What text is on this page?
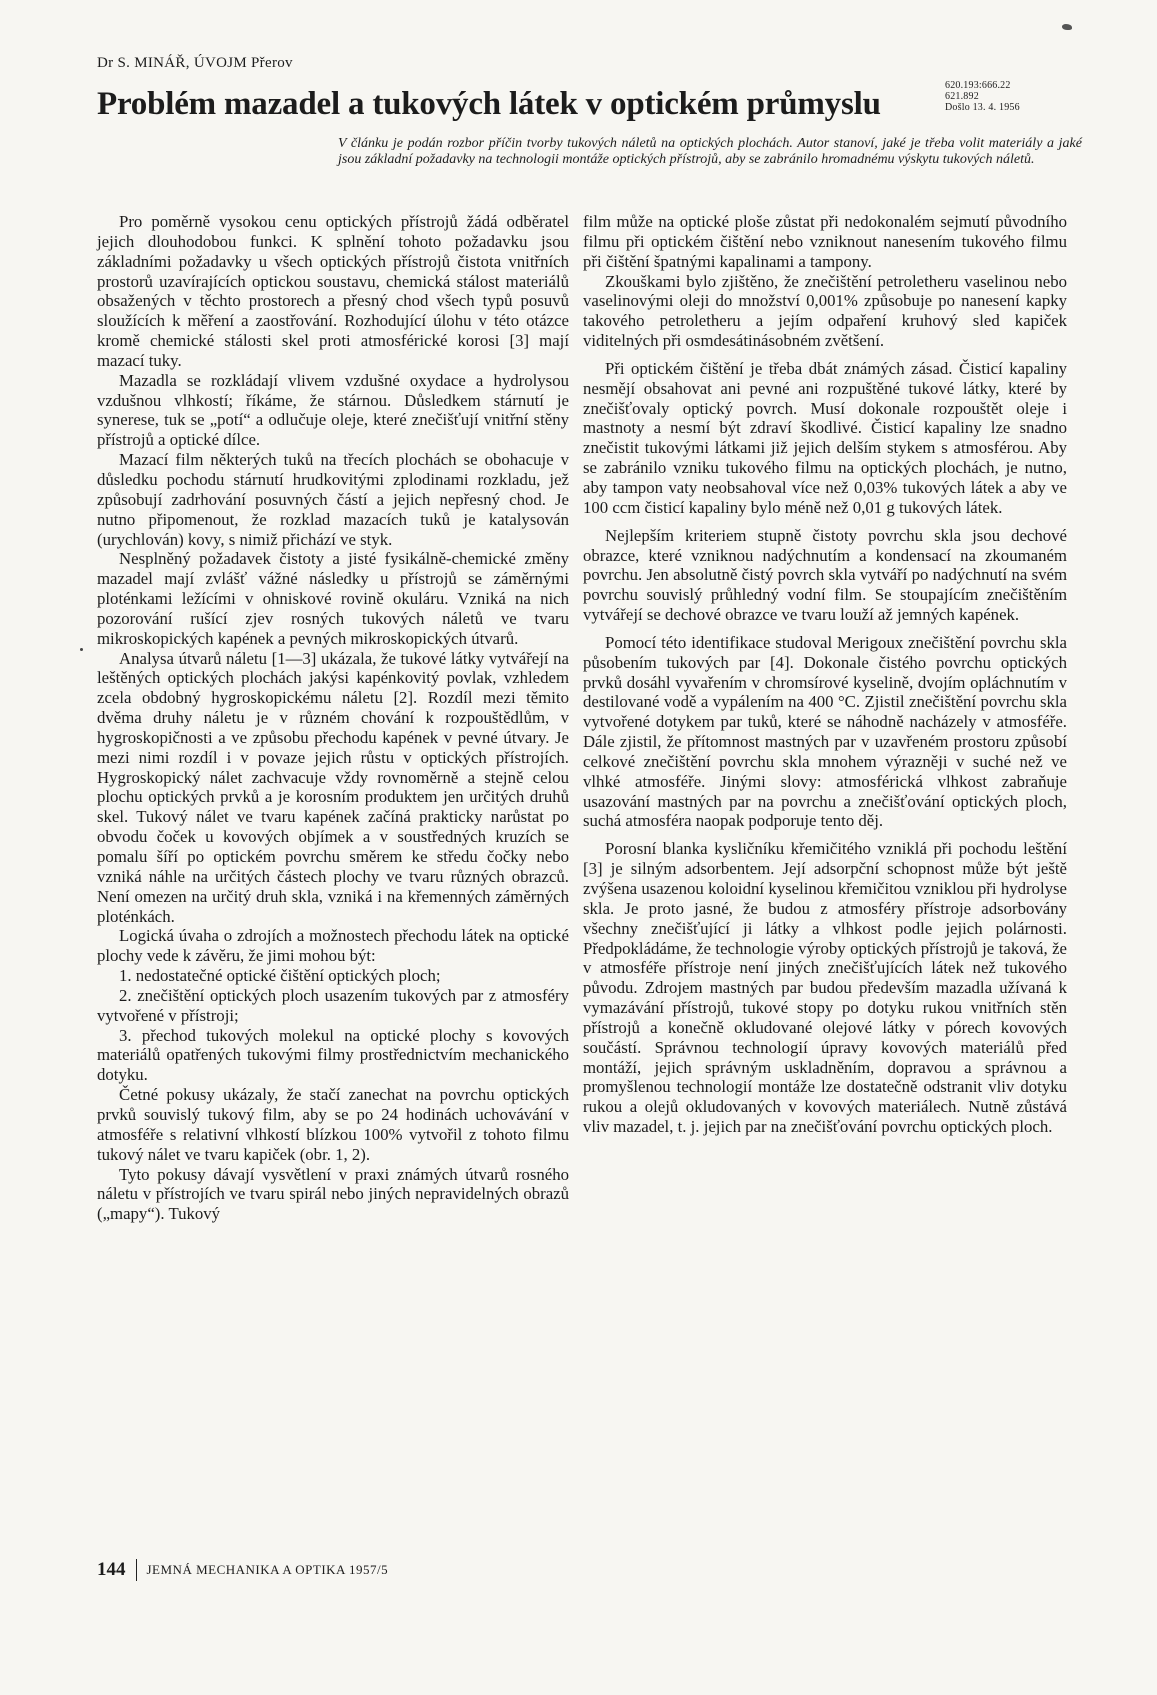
Dr S. MINÁŘ, ÚVOJM Přerov
Problém mazadel a tukových látek v optickém průmyslu
620.193:666.22
621.892
Došlo 13. 4. 1956
V článku je podán rozbor příčin tvorby tukových náletů na optických plochách. Autor stanoví, jaké je třeba volit materiály a jaké jsou základní požadavky na technologii montáže optických přístrojů, aby se zabránilo hromadnému výskytu tukových náletů.

Pro poměrně vysokou cenu optických přístrojů žádá odběratel jejich dlouhodobou funkci. K splnění tohoto požadavku jsou základními požadavky u všech optických přístrojů čistota vnitřních prostorů uzavírajících optickou soustavu, chemická stálost materiálů obsažených v těchto prostorech a přesný chod všech typů posuvů sloužících k měření a zaostřování. Rozhodující úlohu v této otázce kromě chemické stálosti skel proti atmosférické korosi [3] mají mazací tuky.

Mazadla se rozkládají vlivem vzdušné oxydace a hydrolysou vzdušnou vlhkostí; říkáme, že stárnou. Důsledkem stárnutí je synerese, tuk se „potí“ a odlučuje oleje, které znečišťují vnitřní stěny přístrojů a optické dílce.

Mazací film některých tuků na třecích plochách se obohacuje v důsledku pochodu stárnutí hrudkovitými zplodinami rozkladu, jež způsobují zadrhování posuvných částí a jejich nepřesný chod. Je nutno připomenout, že rozklad mazacích tuků je katalysován (urychlován) kovy, s nimiž přichází ve styk.

Nesplněný požadavek čistoty a jisté fysikálně-chemické změny mazadel mají zvlášť vážné následky u přístrojů se záměrnými ploténkami ležícími v ohniskové rovině okuláru. Vzniká na nich pozorování rušící zjev rosných tukových náletů ve tvaru mikroskopických kapének a pevných mikroskopických útvarů.

Analysa útvarů náletu [1—3] ukázala, že tukové látky vytvářejí na leštěných optických plochách jakýsi kapénkovitý povlak, vzhledem zcela obdobný hygroskopickému náletu [2]. Rozdíl mezi těmito dvěma druhy náletu je v různém chování k rozpouštědlům, v hygroskopičnosti a ve způsobu přechodu kapének v pevné útvary. Je mezi nimi rozdíl i v povaze jejich růstu v optických přístrojích. Hygroskopický nálet zachvacuje vždy rovnoměrně a stejně celou plochu optických prvků a je korosním produktem jen určitých druhů skel. Tukový nálet ve tvaru kapének začíná prakticky narůstat po obvodu čoček u kovových objímek a v soustředných kruzích se pomalu šíří po optickém povrchu směrem ke středu čočky nebo vzniká náhle na určitých částech plochy ve tvaru různých obrazců. Není omezen na určitý druh skla, vzniká i na křemenných záměrných ploténkách.

Logická úvaha o zdrojích a možnostech přechodu látek na optické plochy vede k závěru, že jimi mohou být:

1. nedostatečné optické čištění optických ploch;

2. znečištění optických ploch usazením tukových par z atmosféry vytvořené v přístroji;

3. přechod tukových molekul na optické plochy s kovových materiálů opatřených tukovými filmy prostřednictvím mechanického dotyku.

Četné pokusy ukázaly, že stačí zanechat na povrchu optických prvků souvislý tukový film, aby se po 24 hodinách uchovávání v atmosféře s relativní vlhkostí blízkou 100% vytvořil z tohoto filmu tukový nálet ve tvaru kapiček (obr. 1, 2).

Tyto pokusy dávají vysvětlení v praxi známých útvarů rosného náletu v přístrojích ve tvaru spirál nebo jiných nepravidelných obrazů („mapy“). Tukový

film může na optické ploše zůstat při nedokonalém sejmutí původního filmu při optickém čištění nebo vzniknout nanesením tukového filmu při čištění špatnými kapalinami a tampony.

Zkouškami bylo zjištěno, že znečištění petroletheru vaselinou nebo vaselinovými oleji do množství 0,001% způsobuje po nanesení kapky takového petroletheru a jejím odpaření kruhový sled kapiček viditelných při osmdesátinásobném zvětšení.

Při optickém čištění je třeba dbát známých zásad. Čisticí kapaliny nesmějí obsahovat ani pevné ani rozpuštěné tukové látky, které by znečišťovaly optický povrch. Musí dokonale rozpouštět oleje i mastnoty a nesmí být zdraví škodlivé. Čisticí kapaliny lze snadno znečistit tukovými látkami již jejich delším stykem s atmosférou. Aby se zabránilo vzniku tukového filmu na optických plochách, je nutno, aby tampon vaty neobsahoval více než 0,03% tukových látek a aby ve 100 ccm čisticí kapaliny bylo méně než 0,01 g tukových látek.

Nejlepším kriteriem stupně čistoty povrchu skla jsou dechové obrazce, které vzniknou nadýchnutím a kondensací na zkoumaném povrchu. Jen absolutně čistý povrch skla vytváří po nadýchnutí na svém povrchu souvislý průhledný vodní film. Se stoupajícím znečištěním vytvářejí se dechové obrazce ve tvaru louží až jemných kapének.

Pomocí této identifikace studoval Merigoux znečištění povrchu skla působením tukových par [4]. Dokonale čistého povrchu optických prvků dosáhl vyvařením v chromsírové kyselině, dvojím opláchnutím v destilované vodě a vypálením na 400 °C. Zjistil znečištění povrchu skla vytvořené dotykem par tuků, které se náhodně nacházely v atmosféře. Dále zjistil, že přítomnost mastných par v uzavřeném prostoru způsobí celkové znečištění povrchu skla mnohem výrazněji v suché než ve vlhké atmosféře. Jinými slovy: atmosférická vlhkost zabraňuje usazování mastných par na povrchu a znečišťování optických ploch, suchá atmosféra naopak podporuje tento děj.

Porosní blanka kysličníku křemičitého vzniklá při pochodu leštění [3] je silným adsorbentem. Její adsorpční schopnost může být ještě zvýšena usazenou koloidní kyselinou křemičitou vzniklou při hydrolyse skla. Je proto jasné, že budou z atmosféry přístroje adsorbovány všechny znečišťující ji látky a vlhkost podle jejich polárnosti. Předpokládáme, že technologie výroby optických přístrojů je taková, že v atmosféře přístroje není jiných znečišťujících látek než tukového původu. Zdrojem mastných par budou především mazadla užívaná k vymazávání přístrojů, tukové stopy po dotyku rukou vnitřních stěn přístrojů a konečně okludované olejové látky v pórech kovových součástí. Správnou technologií úpravy kovových materiálů před montáží, jejich správným uskladněním, dopravou a správnou a promyšlenou technologií montáže lze dostatečně odstranit vliv dotyku rukou a olejů okludovaných v kovových materiálech. Nutně zůstává vliv mazadel, t. j. jejich par na znečišťování povrchu optických ploch.

144 JEMNÁ MECHANIKA A OPTIKA 1957/5
